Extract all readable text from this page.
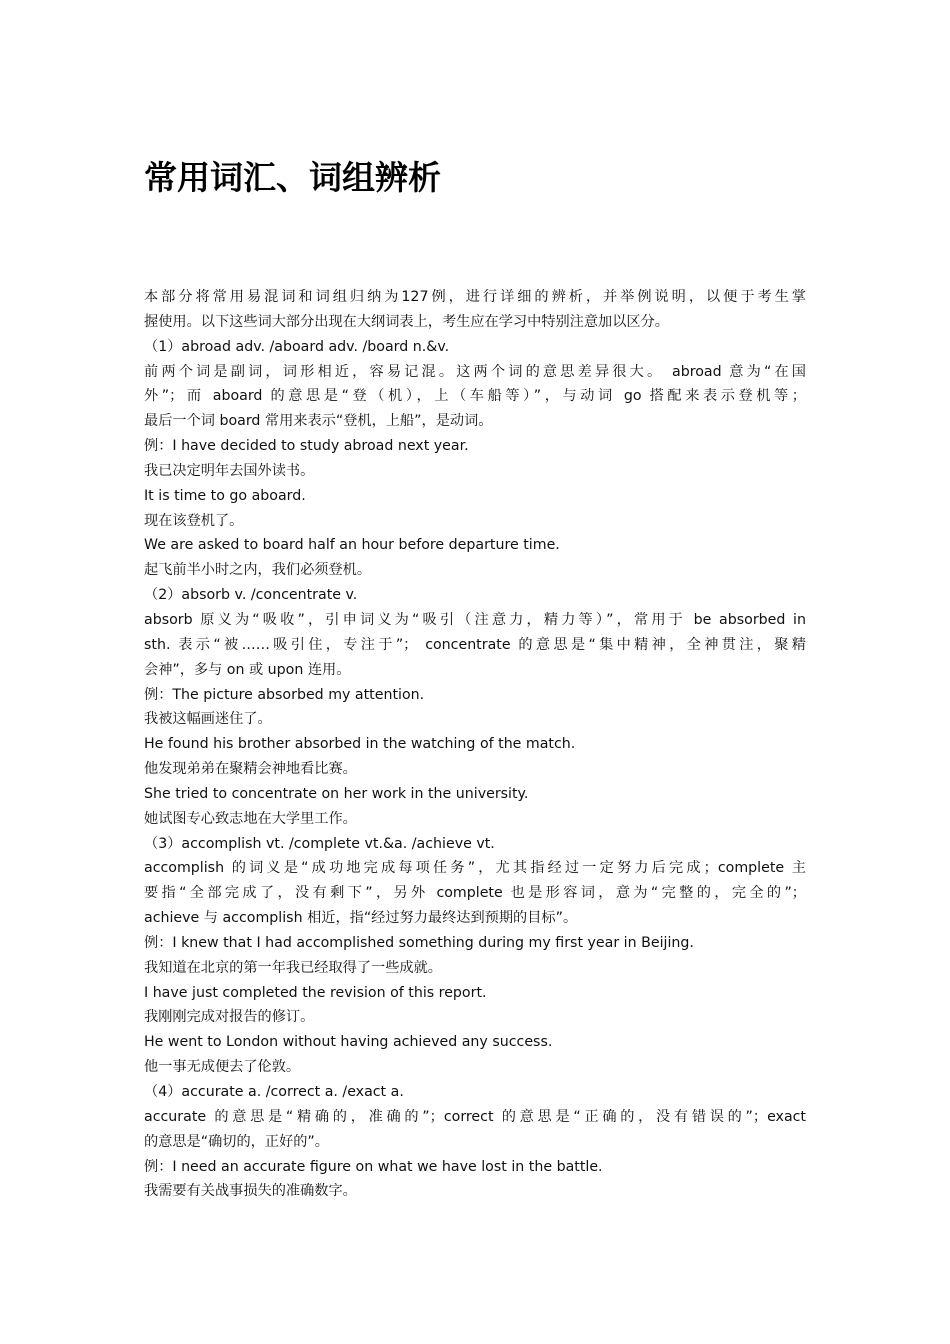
常用词汇、词组辨析
本部分将常用易混词和词组归纳为127例，进行详细的辨析，并举例说明，以便于考生掌
握使用。以下这些词大部分出现在大纲词表上，考生应在学习中特别注意加以区分。
（1）abroad adv. /aboard adv. /board n.&v.
前两个词是副词，词形相近，容易记混。这两个词的意思差异很大。 abroad 意为“在国
外”；而 aboard 的意思是“登（机），上（车船等）”，与动词 go 搭配来表示登机等；
最后一个词 board 常用来表示“登机，上船”，是动词。
例：I have decided to study abroad next year.
我已决定明年去国外读书。
It is time to go aboard.
现在该登机了。
We are asked to board half an hour before departure time.
起飞前半小时之内，我们必须登机。
（2）absorb v. /concentrate v.
absorb 原义为“吸收”，引申词义为“吸引（注意力，精力等）”，常用于 be absorbed in
sth. 表示“被……吸引住，专注于”； concentrate 的意思是“集中精神，全神贯注，聚精
会神”，多与 on 或 upon 连用。
例：The picture absorbed my attention.
我被这幅画迷住了。
He found his brother absorbed in the watching of the match.
他发现弟弟在聚精会神地看比赛。
She tried to concentrate on her work in the university.
她试图专心致志地在大学里工作。
（3）accomplish vt. /complete vt.&a. /achieve vt.
accomplish 的词义是“成功地完成每项任务”，尤其指经过一定努力后完成；complete 主
要指“全部完成了，没有剩下”，另外 complete 也是形容词，意为“完整的，完全的”；
achieve 与 accomplish 相近，指“经过努力最终达到预期的目标”。
例：I knew that I had accomplished something during my first year in Beijing.
我知道在北京的第一年我已经取得了一些成就。
I have just completed the revision of this report.
我刚刚完成对报告的修订。
He went to London without having achieved any success.
他一事无成便去了伦敦。
（4）accurate a. /correct a. /exact a.
accurate 的意思是“精确的，准确的”；correct 的意思是“正确的，没有错误的”；exact
的意思是“确切的，正好的”。
例：I need an accurate figure on what we have lost in the battle.
我需要有关战事损失的准确数字。
